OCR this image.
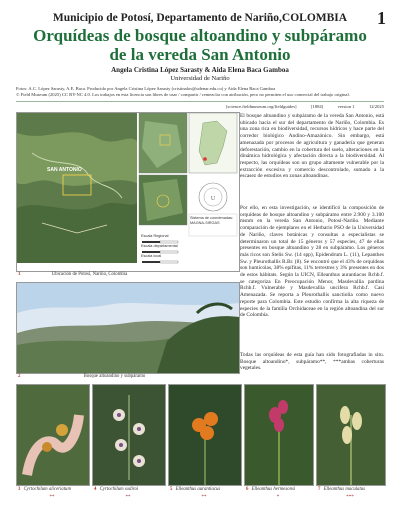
Municipio de Potosí, Departamento de Nariño,COLOMBIA	1
Orquídeas de bosque altoandino y subpáramo de la vereda San Antonio
Angela Cristina López Sarasty & Aida Elena Baca Gamboa
Universidad de Nariño
Fotos: A.C. López Sarasty, A.E. Baca. Producido por Angela Cristina López Sarasty (cristinalos@udenar.edu.co) y Aida Elena Baca Gamboa
© Field Museum (2025) CC BY-NC 4.0. Los trabajos en esta licencia son libres de usar / compartir / remezclar con atribución, pero no permiten el uso comercial del trabajo original.
[science.fieldmuseum.org/fieldguides]	[1884]	version 1	12/2025
SAN ANTONIO
U
Sistema de coordenadas: MAGNA-SIRGAS
Escala Regional
Escala departamental
Escala local
1	Ubicación de Potosí, Nariño, Colombia
2	Bosque altoandino y subpáramo
El bosque altoandino y subpáramo de la vereda San Antonio, está ubicado hacia el sur del departamento de Nariño, Colombia. Es una zona rica en biodiversidad, recursos hídricos y hace parte del corredor biológico Andino-Amazónico. Sin embargo, está amenazada por procesos de agricultura y ganadería que generan deforestación, cambio en la cobertura del suelo, alteraciones en la dinámica hidrológica y afectación directa a la biodiversidad. Al respecto, las orquídeas son un grupo altamente vulnerable por la extracción excesiva y comercio descontrolado, sumado a la escasez de estudios en zonas altoandinas.
Por ello, en esta investigación, se identificó la composición de orquídeas de bosque altoandino y subpáramo entre 2.900 y 3.100 msnm en la vereda San Antonio, Potosí-Nariño. Mediante comparación de ejemplares en el Herbario PSO de la Universidad de Nariño, claves botánicas y consultas a especialistas se determinaron un total de 15 géneros y 57 especies, 47 de ellas presentes en bosque altoandino y 28 en subpáramo. Los géneros más ricos son Stelis Sw. (14 spp), Epidendrum L. (11), Lepanthes Sw. y Pleurothallis R.Br. (8). Se encontró que el 43% de orquídeas son humícolas, 38% epífitas, 11% terrestres y 3% presentes en dos de estos hábitats. Según la UICN, Elleanthus aurantiacus Rchb.f. se categoriza En Preocupación Menor, Masdevallia pardina Rchb.f. Vulnerable y Masdevallia uncifera Rchb.f. Casi Amenazada. Se reporta a Pleurothallis sanctiolia como nuevo reporte para Colombia. Este estudio confirma la alta riqueza de especies de la familia Orchidaceae en la región altoandina del sur de Colombia.
Todas las orquídeas de esta guía han sido fotografiadas in situ. Bosque altoandino*, subpáramo**, ***ambas coberturas vegetales.
3 Cyrtochilum aliceriatum	4 Cyrtochilum sodiroi	5 Elleanthus aurantiacus	6 Elleanthus hermesonsi	7 Elleanthus maculatus
**	**	**	*	***
